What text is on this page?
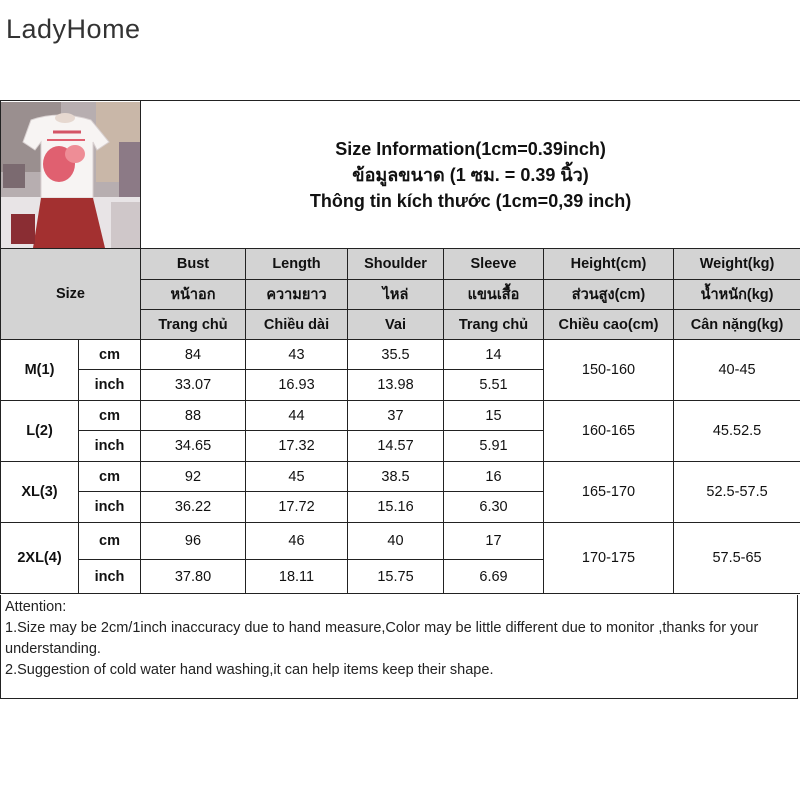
LadyHome

Size Information(1cm=0.39inch)
ข้อมูลขนาด (1 ซม. = 0.39 นิ้ว)
Thông tin kích thước (1cm=0,39 inch)					

Size		Bust	Length	Shoulder	Sleeve	Height(cm)	Weight(kg)
		หน้าอก	ความยาว	ไหล่	แขนเสื้อ	ส่วนสูง(cm)	น้ำหนัก(kg)
		Trang chủ	Chiều dài	Vai	Trang chủ	Chiều cao(cm)	Cân nặng(kg)
M(1)	cm	84	43	35.5	14	150-160	40-45
	inch	33.07	16.93	13.98	5.51		
L(2)	cm	88	44	37	15	160-165	45.52.5
	inch	34.65	17.32	14.57	5.91		
XL(3)	cm	92	45	38.5	16	165-170	52.5-57.5
	inch	36.22	17.72	15.16	6.30		
2XL(4)	cm	96	46	40	17	170-175	57.5-65
	inch	37.80	18.11	15.75	6.69		

Attention:

1.Size may be 2cm/1inch inaccuracy due to hand measure,Color may be little different due to monitor ,thanks for your understanding.

2.Suggestion of cold water hand washing,it can help items keep their shape.
